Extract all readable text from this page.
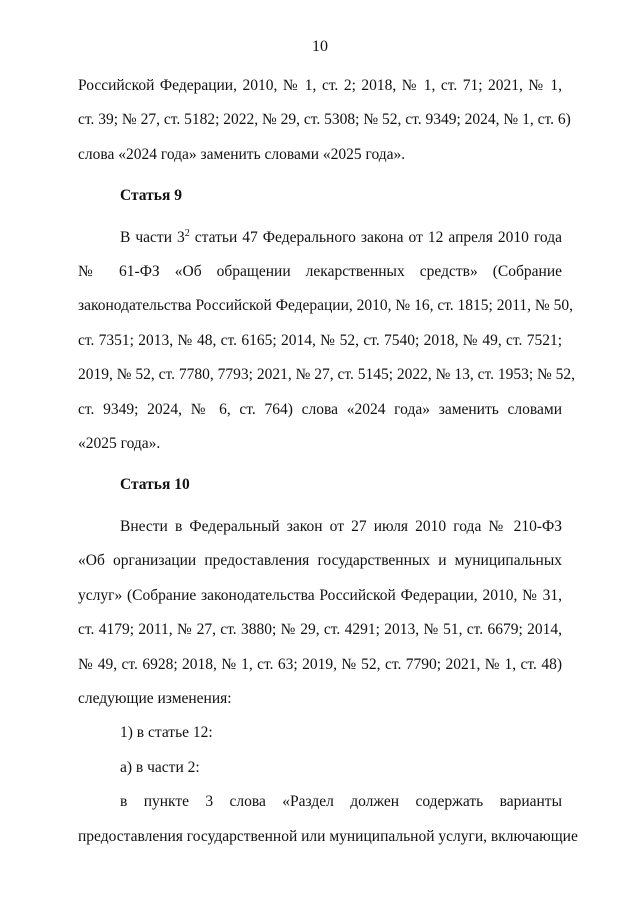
10
Российской Федерации, 2010, № 1, ст. 2; 2018, № 1, ст. 71; 2021, № 1,
ст. 39; № 27, ст. 5182; 2022, № 29, ст. 5308; № 52, ст. 9349; 2024, № 1, ст. 6)
слова «2024 года» заменить словами «2025 года».
Статья 9
В части $3^2$ статьи 47 Федерального закона от 12 апреля 2010 года
№ 61-ФЗ «Об обращении лекарственных средств» (Собрание
законодательства Российской Федерации, 2010, № 16, ст. 1815; 2011, № 50,
ст. 7351; 2013, № 48, ст. 6165; 2014, № 52, ст. 7540; 2018, № 49, ст. 7521;
2019, № 52, ст. 7780, 7793; 2021, № 27, ст. 5145; 2022, № 13, ст. 1953; № 52,
ст. 9349; 2024, № 6, ст. 764) слова «2024 года» заменить словами
«2025 года».
Статья 10
Внести в Федеральный закон от 27 июля 2010 года № 210-ФЗ
«Об организации предоставления государственных и муниципальных
услуг» (Собрание законодательства Российской Федерации, 2010, № 31,
ст. 4179; 2011, № 27, ст. 3880; № 29, ст. 4291; 2013, № 51, ст. 6679; 2014,
№ 49, ст. 6928; 2018, № 1, ст. 63; 2019, № 52, ст. 7790; 2021, № 1, ст. 48)
следующие изменения:
1) в статье 12:
а) в части 2:
в пункте 3 слова «Раздел должен содержать варианты
предоставления государственной или муниципальной услуги, включающие
